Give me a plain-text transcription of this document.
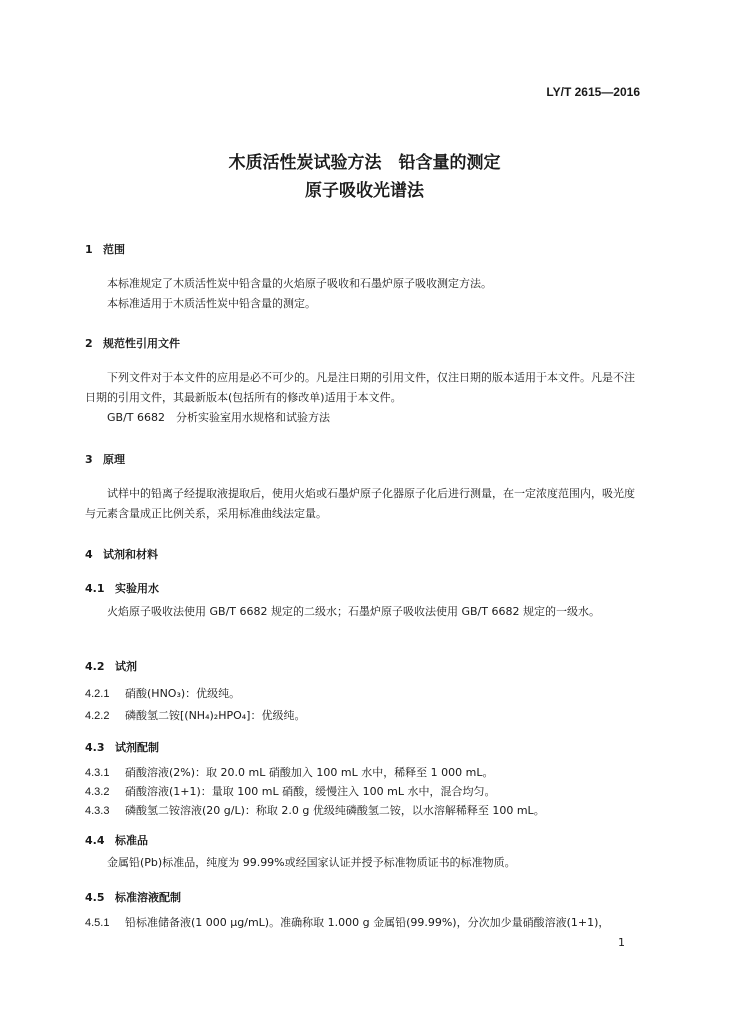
LY/T 2615—2016
木质活性炭试验方法　铅含量的测定
原子吸收光谱法
1 范围
本标准规定了木质活性炭中铅含量的火焰原子吸收和石墨炉原子吸收测定方法。
本标准适用于木质活性炭中铅含量的测定。
2 规范性引用文件
下列文件对于本文件的应用是必不可少的。凡是注日期的引用文件，仅注日期的版本适用于本文件。凡是不注日期的引用文件，其最新版本(包括所有的修改单)适用于本文件。
GB/T 6682　分析实验室用水规格和试验方法
3 原理
试样中的铅离子经提取液提取后，使用火焰或石墨炉原子化器原子化后进行测量，在一定浓度范围内，吸光度与元素含量成正比例关系，采用标准曲线法定量。
4 试剂和材料
4.1 实验用水
火焰原子吸收法使用 GB/T 6682 规定的二级水；石墨炉原子吸收法使用 GB/T 6682 规定的一级水。
4.2 试剂
4.2.1 硝酸(HNO₃)：优级纯。
4.2.2 磷酸氢二铵[(NH₄)₂HPO₄]：优级纯。
4.3 试剂配制
4.3.1 硝酸溶液(2%)：取 20.0 mL 硝酸加入 100 mL 水中，稀释至 1 000 mL。
4.3.2 硝酸溶液(1+1)：量取 100 mL 硝酸，缓慢注入 100 mL 水中，混合均匀。
4.3.3 磷酸氢二铵溶液(20 g/L)：称取 2.0 g 优级纯磷酸氢二铵，以水溶解稀释至 100 mL。
4.4 标准品
金属铅(Pb)标准品，纯度为 99.99%或经国家认证并授予标准物质证书的标准物质。
4.5 标准溶液配制
4.5.1 铅标准储备液(1 000 μg/mL)。准确称取 1.000 g 金属铅(99.99%)，分次加少量硝酸溶液(1+1)，
1
